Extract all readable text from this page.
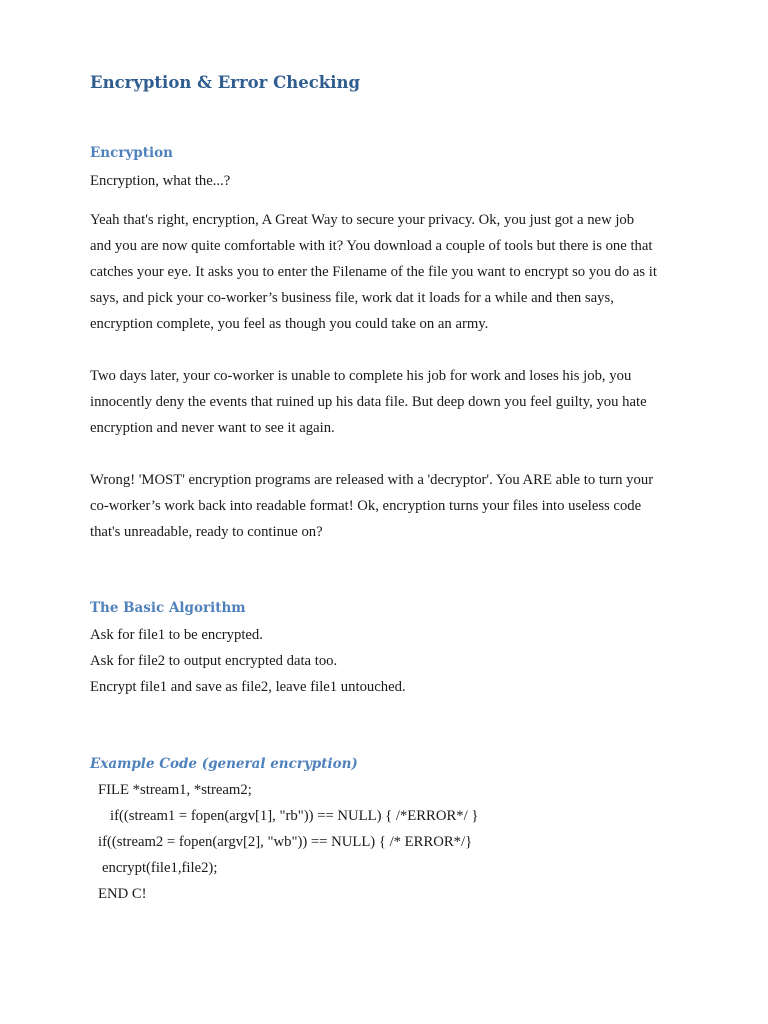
Encryption & Error Checking
Encryption
Encryption, what the...?
Yeah that's right, encryption, A Great Way to secure your privacy. Ok, you just got a new job
and you are now quite comfortable with it? You download a couple of tools but there is one that
catches your eye. It asks you to enter the Filename of the file you want to encrypt so you do as it
says, and pick your co-worker’s business file, work dat it loads for a while and then says,
encryption complete, you feel as though you could take on an army.
Two days later, your co-worker is unable to complete his job for work and loses his job, you
innocently deny the events that ruined up his data file. But deep down you feel guilty, you hate
encryption and never want to see it again.
Wrong! 'MOST' encryption programs are released with a 'decryptor'. You ARE able to turn your
co-worker’s work back into readable format! Ok, encryption turns your files into useless code
that's unreadable, ready to continue on?
The Basic Algorithm
Ask for file1 to be encrypted.
Ask for file2 to output encrypted data too.
Encrypt file1 and save as file2, leave file1 untouched.
Example Code (general encryption)
FILE *stream1, *stream2;
if((stream1 = fopen(argv[1], "rb")) == NULL) { /*ERROR*/ }
if((stream2 = fopen(argv[2], "wb")) == NULL) { /* ERROR*/}
encrypt(file1,file2);
END C!
